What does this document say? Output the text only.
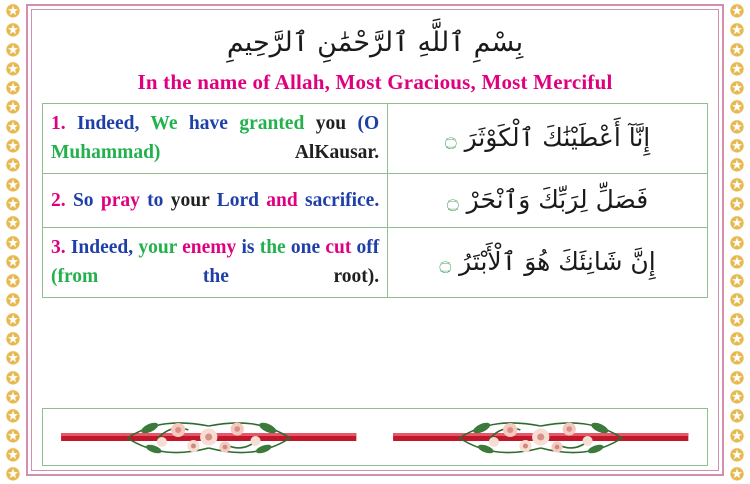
✪
✪
✪
✪
✪
✪
✪
✪
✪
✪
✪
✪
✪
✪
✪
✪
✪
✪
✪
✪
✪
✪
✪
✪
✪
✪
✪
✪
✪
✪
✪
✪
✪
✪
✪
✪
✪
✪
✪
✪
✪
✪
✪
✪
✪
✪
✪
✪
✪
✪
بِسْمِ ٱللَّهِ ٱلرَّحْمَٰنِ ٱلرَّحِيمِ
In the name of Allah, Most Gracious, Most Merciful
1. Indeed, We have granted you (O Muhammad) AlKausar.	إِنَّآ أَعْطَيْنَٰكَ ٱلْكَوْثَرَ ۝
2. So pray to your Lord and sacrifice.	فَصَلِّ لِرَبِّكَ وَٱنْحَرْ ۝
3. Indeed, your enemy is the one cut off (from the root).	إِنَّ شَانِئَكَ هُوَ ٱلْأَبْتَرُ ۝
